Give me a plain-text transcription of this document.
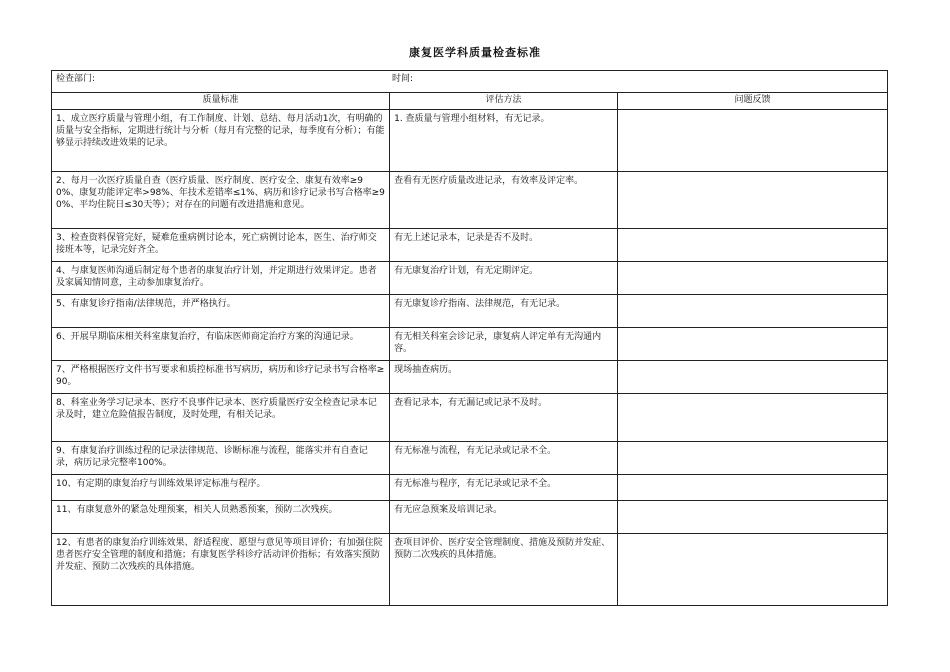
康复医学科质量检查标准
检查部门: 时间:		
质量标准	评估方法	问题反馈
1、成立医疗质量与管理小组，有工作制度、计划、总结、每月活动1次，有明确的质量与安全指标，定期进行统计与分析（每月有完整的记录，每季度有分析）；有能够显示持续改进效果的记录。	1. 查质量与管理小组材料，有无记录。	
2、每月一次医疗质量自查（医疗质量、医疗制度、医疗安全、康复有效率≥90%、康复功能评定率>98%、年技术差错率≤1%、病历和诊疗记录书写合格率≥90%、平均住院日≤30天等）；对存在的问题有改进措施和意见。	查看有无医疗质量改进记录，有效率及评定率。	
3、检查资料保管完好，疑难危重病例讨论本，死亡病例讨论本，医生、治疗师交接班本等，记录完好齐全。	有无上述记录本，记录是否不及时。	
4、与康复医师沟通后制定每个患者的康复治疗计划，并定期进行效果评定。患者及家属知情同意，主动参加康复治疗。	有无康复治疗计划，有无定期评定。	
5、有康复诊疗指南/法律规范，并严格执行。	有无康复诊疗指南、法律规范，有无记录。	
6、开展早期临床相关科室康复治疗，有临床医师商定治疗方案的沟通记录。	有无相关科室会诊记录，康复病人评定单有无沟通内容。	
7、严格根据医疗文件书写要求和质控标准书写病历，病历和诊疗记录书写合格率≥90。	现场抽查病历。	
8、科室业务学习记录本、医疗不良事件记录本、医疗质量医疗安全检查记录本记录及时，建立危险值报告制度，及时处理，有相关记录。	查看记录本，有无漏记或记录不及时。	
9、有康复治疗训练过程的记录法律规范、诊断标准与流程，能落实并有自查记录，病历记录完整率100%。	有无标准与流程，有无记录或记录不全。	
10、有定期的康复治疗与训练效果评定标准与程序。	有无标准与程序，有无记录或记录不全。	
11、有康复意外的紧急处理预案，相关人员熟悉预案，预防二次残疾。	有无应急预案及培训记录。	
12、有患者的康复治疗训练效果、舒适程度、愿望与意见等项目评价；有加强住院患者医疗安全管理的制度和措施；有康复医学科诊疗活动评价指标；有效落实预防并发症、预防二次残疾的具体措施。	查项目评价、医疗安全管理制度、措施及预防并发症、预防二次残疾的具体措施。	
